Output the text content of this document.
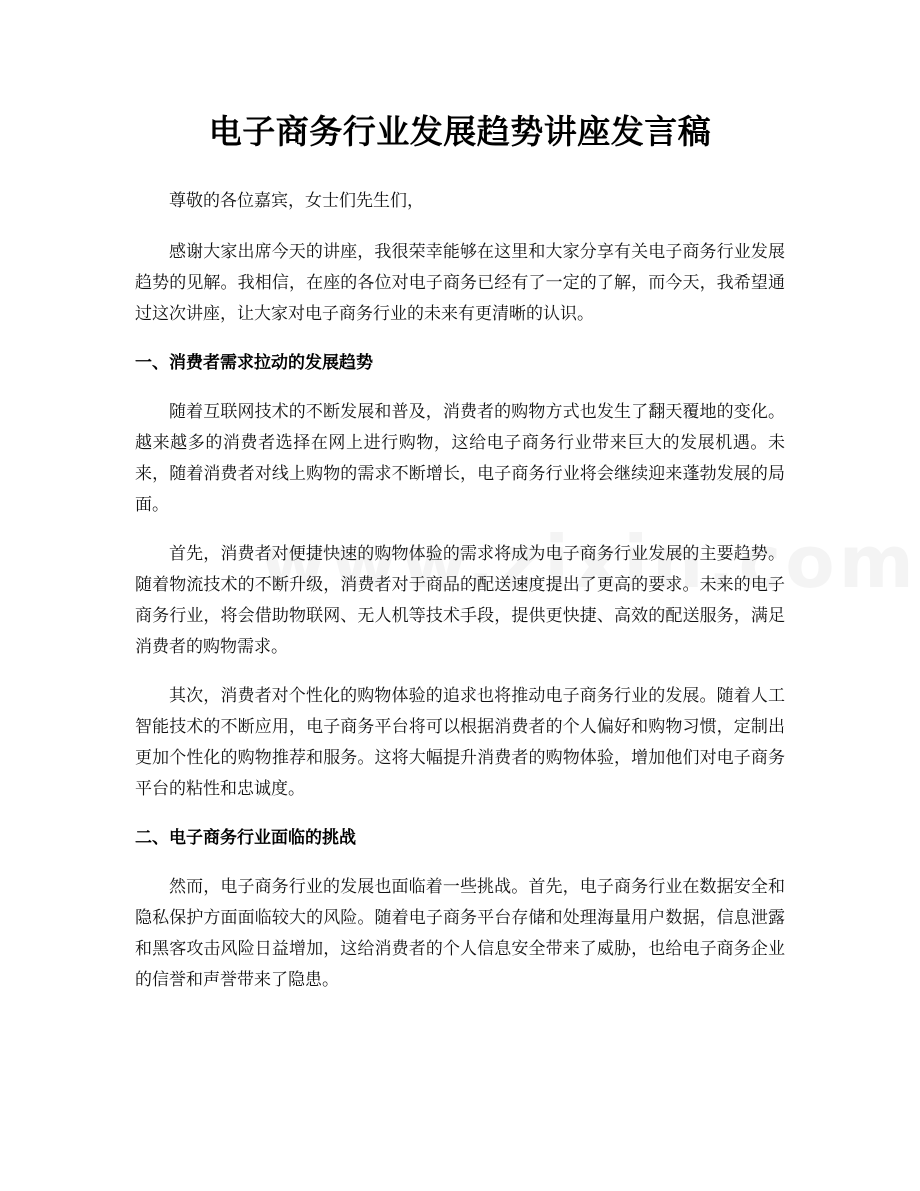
电子商务行业发展趋势讲座发言稿

尊敬的各位嘉宾，女士们先生们，

感谢大家出席今天的讲座，我很荣幸能够在这里和大家分享有关电子商务行业发展趋势的见解。我相信，在座的各位对电子商务已经有了一定的了解，而今天，我希望通过这次讲座，让大家对电子商务行业的未来有更清晰的认识。

一、消费者需求拉动的发展趋势

随着互联网技术的不断发展和普及，消费者的购物方式也发生了翻天覆地的变化。越来越多的消费者选择在网上进行购物，这给电子商务行业带来巨大的发展机遇。未来，随着消费者对线上购物的需求不断增长，电子商务行业将会继续迎来蓬勃发展的局面。

首先，消费者对便捷快速的购物体验的需求将成为电子商务行业发展的主要趋势。随着物流技术的不断升级，消费者对于商品的配送速度提出了更高的要求。未来的电子商务行业，将会借助物联网、无人机等技术手段，提供更快捷、高效的配送服务，满足消费者的购物需求。

其次，消费者对个性化的购物体验的追求也将推动电子商务行业的发展。随着人工智能技术的不断应用，电子商务平台将可以根据消费者的个人偏好和购物习惯，定制出更加个性化的购物推荐和服务。这将大幅提升消费者的购物体验，增加他们对电子商务平台的粘性和忠诚度。

二、电子商务行业面临的挑战

然而，电子商务行业的发展也面临着一些挑战。首先，电子商务行业在数据安全和隐私保护方面面临较大的风险。随着电子商务平台存储和处理海量用户数据，信息泄露和黑客攻击风险日益增加，这给消费者的个人信息安全带来了威胁，也给电子商务企业的信誉和声誉带来了隐患。
